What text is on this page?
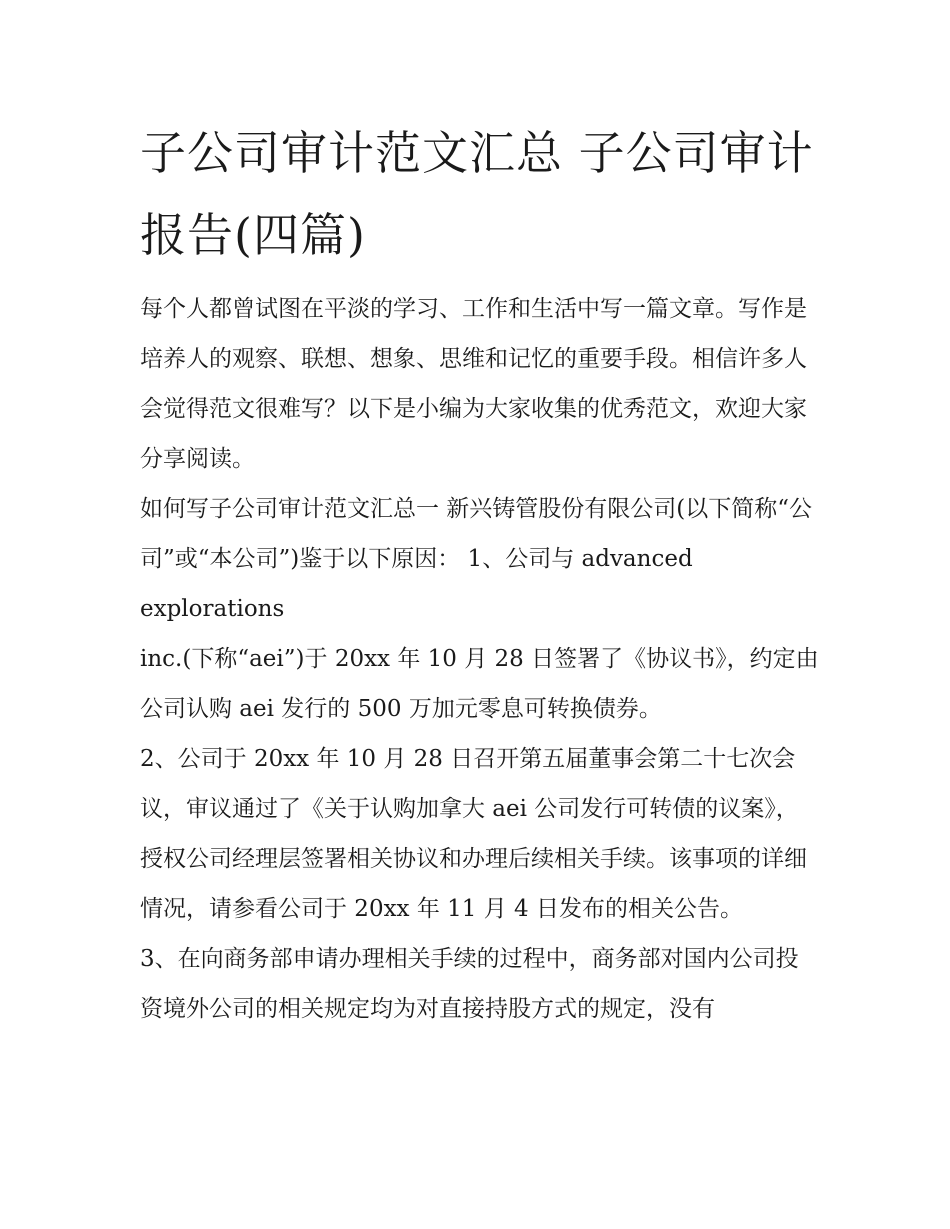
子公司审计范文汇总 子公司审计报告(四篇)

每个人都曾试图在平淡的学习、工作和生活中写一篇文章。写作是培养人的观察、联想、想象、思维和记忆的重要手段。相信许多人会觉得范文很难写？以下是小编为大家收集的优秀范文，欢迎大家分享阅读。

如何写子公司审计范文汇总一 新兴铸管股份有限公司(以下简称“公司”或“本公司”)鉴于以下原因： 1、公司与 advanced explorations

inc.(下称“aei”)于 20xx 年 10 月 28 日签署了《协议书》，约定由公司认购 aei 发行的 500 万加元零息可转换债券。

2、公司于 20xx 年 10 月 28 日召开第五届董事会第二十七次会议，审议通过了《关于认购加拿大 aei 公司发行可转债的议案》，授权公司经理层签署相关协议和办理后续相关手续。该事项的详细情况，请参看公司于 20xx 年 11 月 4 日发布的相关公告。

3、在向商务部申请办理相关手续的过程中，商务部对国内公司投资境外公司的相关规定均为对直接持股方式的规定，没有
